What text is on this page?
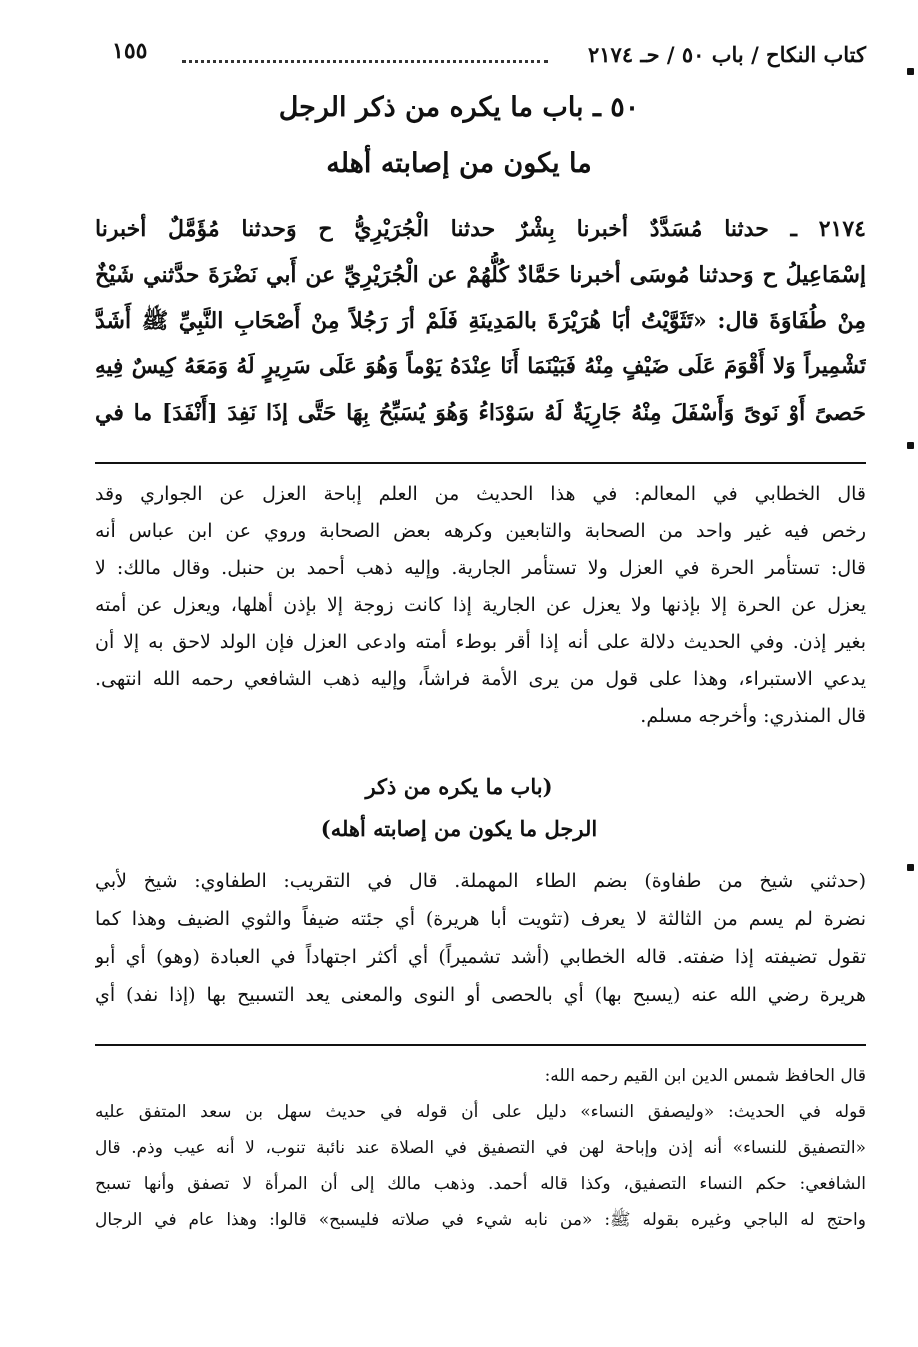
كتاب النكاح / باب ٥٠ / حـ ٢١٧٤
١٥٥
٥٠ ـ باب ما يكره من ذكر الرجل
ما يكون من إصابته أهله
٢١٧٤ ـ حدثنا مُسَدَّدٌ أخبرنا بِشْرٌ حدثنا الْجُرَيْرِيُّ ح وَحدثنا مُؤَمَّلٌ أخبرنا
إسْمَاعِيلُ ح وَحدثنا مُوسَى أخبرنا حَمَّادٌ كُلُّهُمْ عن الْجُرَيْرِيِّ عن أَبي نَضْرَةَ حدَّثني شَيْخٌ
مِنْ طُفَاوَةَ قال: «تَثَوَّيْتُ أبَا هُرَيْرَةَ بالمَدِينَةِ فَلَمْ أرَ رَجُلاً مِنْ أَصْحَابِ النَّبِيِّ ﷺ أَشَدَّ
تَشْمِيراً وَلا أَقْوَمَ عَلَى ضَيْفٍ مِنْهُ فَبَيْنَمَا أَنَا عِنْدَهُ يَوْماً وَهُوَ عَلَى سَرِيرٍ لَهُ وَمَعَهُ كِيسٌ فِيهِ
حَصىً أَوْ نَوىً وَأَسْفَلَ مِنْهُ جَارِيَةٌ لَهُ سَوْدَاءُ وَهُوَ يُسَبِّحُ بِهَا حَتَّى إذَا نَفِدَ [أَنْفَدَ] ما في
قال الخطابي في المعالم: في هذا الحديث من العلم إباحة العزل عن الجواري وقد
رخص فيه غير واحد من الصحابة والتابعين وكرهه بعض الصحابة وروي عن ابن عباس أنه
قال: تستأمر الحرة في العزل ولا تستأمر الجارية. وإليه ذهب أحمد بن حنبل. وقال مالك: لا
يعزل عن الحرة إلا بإذنها ولا يعزل عن الجارية إذا كانت زوجة إلا بإذن أهلها، ويعزل عن أمته
بغير إذن. وفي الحديث دلالة على أنه إذا أقر بوطء أمته وادعى العزل فإن الولد لاحق به إلا أن
يدعي الاستبراء، وهذا على قول من يرى الأمة فراشاً، وإليه ذهب الشافعي رحمه الله انتهى.
قال المنذري: وأخرجه مسلم.
(باب ما يكره من ذكر
الرجل ما يكون من إصابته أهله)
(حدثني شيخ من طفاوة) بضم الطاء المهملة. قال في التقريب: الطفاوي: شيخ لأبي
نضرة لم يسم من الثالثة لا يعرف (تثويت أبا هريرة) أي جئته ضيفاً والثوي الضيف وهذا كما
تقول تضيفته إذا ضفته. قاله الخطابي (أشد تشميراً) أي أكثر اجتهاداً في العبادة (وهو) أي أبو
هريرة رضي الله عنه (يسبح بها) أي بالحصى أو النوى والمعنى يعد التسبيح بها (إذا نفد) أي
قال الحافظ شمس الدين ابن القيم رحمه الله:
قوله في الحديث: «وليصفق النساء» دليل على أن قوله في حديث سهل بن سعد المتفق عليه
«التصفيق للنساء» أنه إذن وإباحة لهن في التصفيق في الصلاة عند نائبة تنوب، لا أنه عيب وذم. قال
الشافعي: حكم النساء التصفيق، وكذا قاله أحمد. وذهب مالك إلى أن المرأة لا تصفق وأنها تسبح
واحتج له الباجي وغيره بقوله ﷺ: «من نابه شيء في صلاته فليسبح» قالوا: وهذا عام في الرجال
